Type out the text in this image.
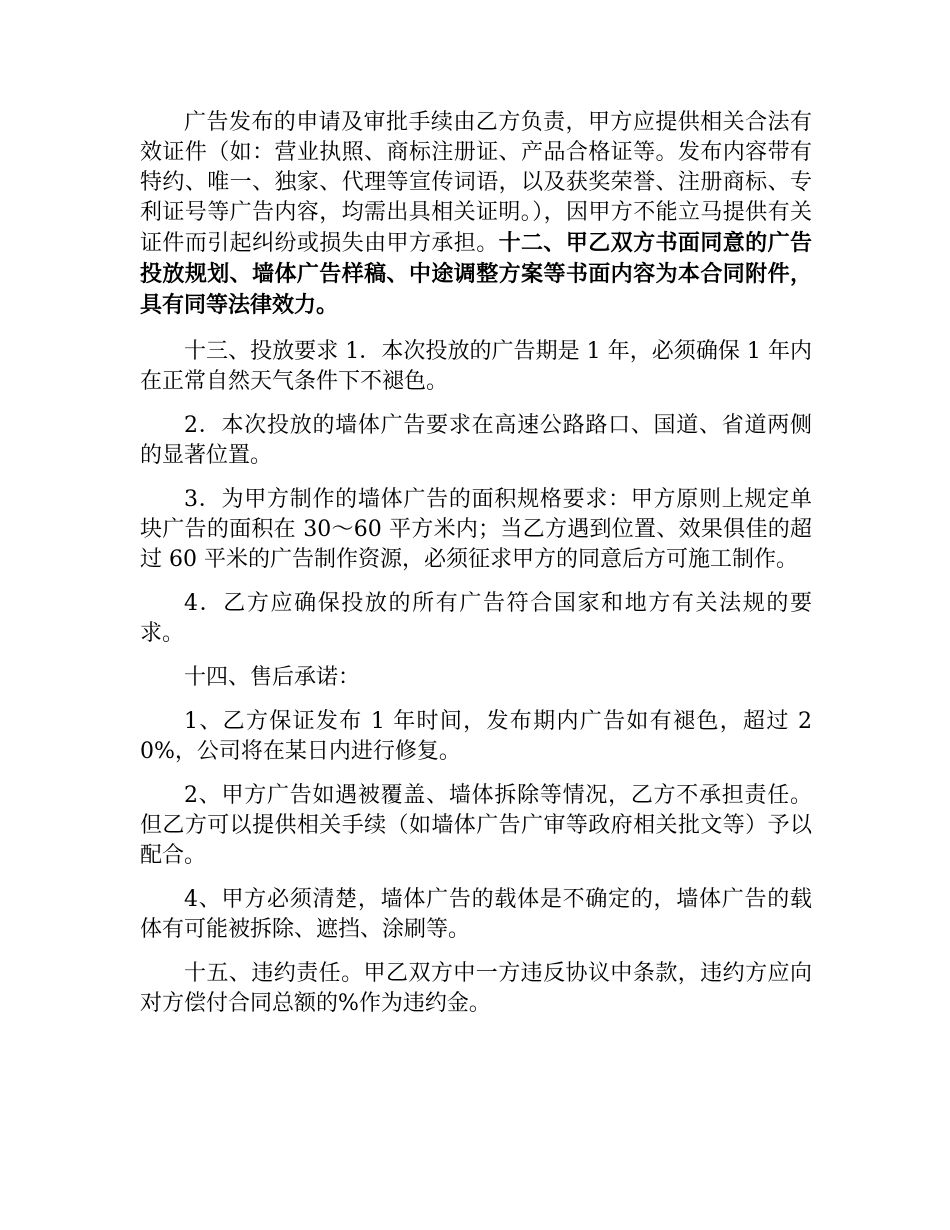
广告发布的申请及审批手续由乙方负责，甲方应提供相关合法有效证件（如：营业执照、商标注册证、产品合格证等。发布内容带有特约、唯一、独家、代理等宣传词语，以及获奖荣誉、注册商标、专利证号等广告内容，均需出具相关证明。），因甲方不能立马提供有关证件而引起纠纷或损失由甲方承担。十二、甲乙双方书面同意的广告投放规划、墙体广告样稿、中途调整方案等书面内容为本合同附件，具有同等法律效力。

十三、投放要求 1．本次投放的广告期是 1 年，必须确保 1 年内在正常自然天气条件下不褪色。

2．本次投放的墙体广告要求在高速公路路口、国道、省道两侧的显著位置。

3．为甲方制作的墙体广告的面积规格要求：甲方原则上规定单块广告的面积在 30～60 平方米内；当乙方遇到位置、效果俱佳的超过 60 平米的广告制作资源，必须征求甲方的同意后方可施工制作。

4．乙方应确保投放的所有广告符合国家和地方有关法规的要求。

十四、售后承诺：

1、乙方保证发布 1 年时间，发布期内广告如有褪色，超过 20%，公司将在某日内进行修复。

2、甲方广告如遇被覆盖、墙体拆除等情况，乙方不承担责任。但乙方可以提供相关手续（如墙体广告广审等政府相关批文等）予以配合。

4、甲方必须清楚，墙体广告的载体是不确定的，墙体广告的载体有可能被拆除、遮挡、涂刷等。

十五、违约责任。甲乙双方中一方违反协议中条款，违约方应向对方偿付合同总额的%作为违约金。
